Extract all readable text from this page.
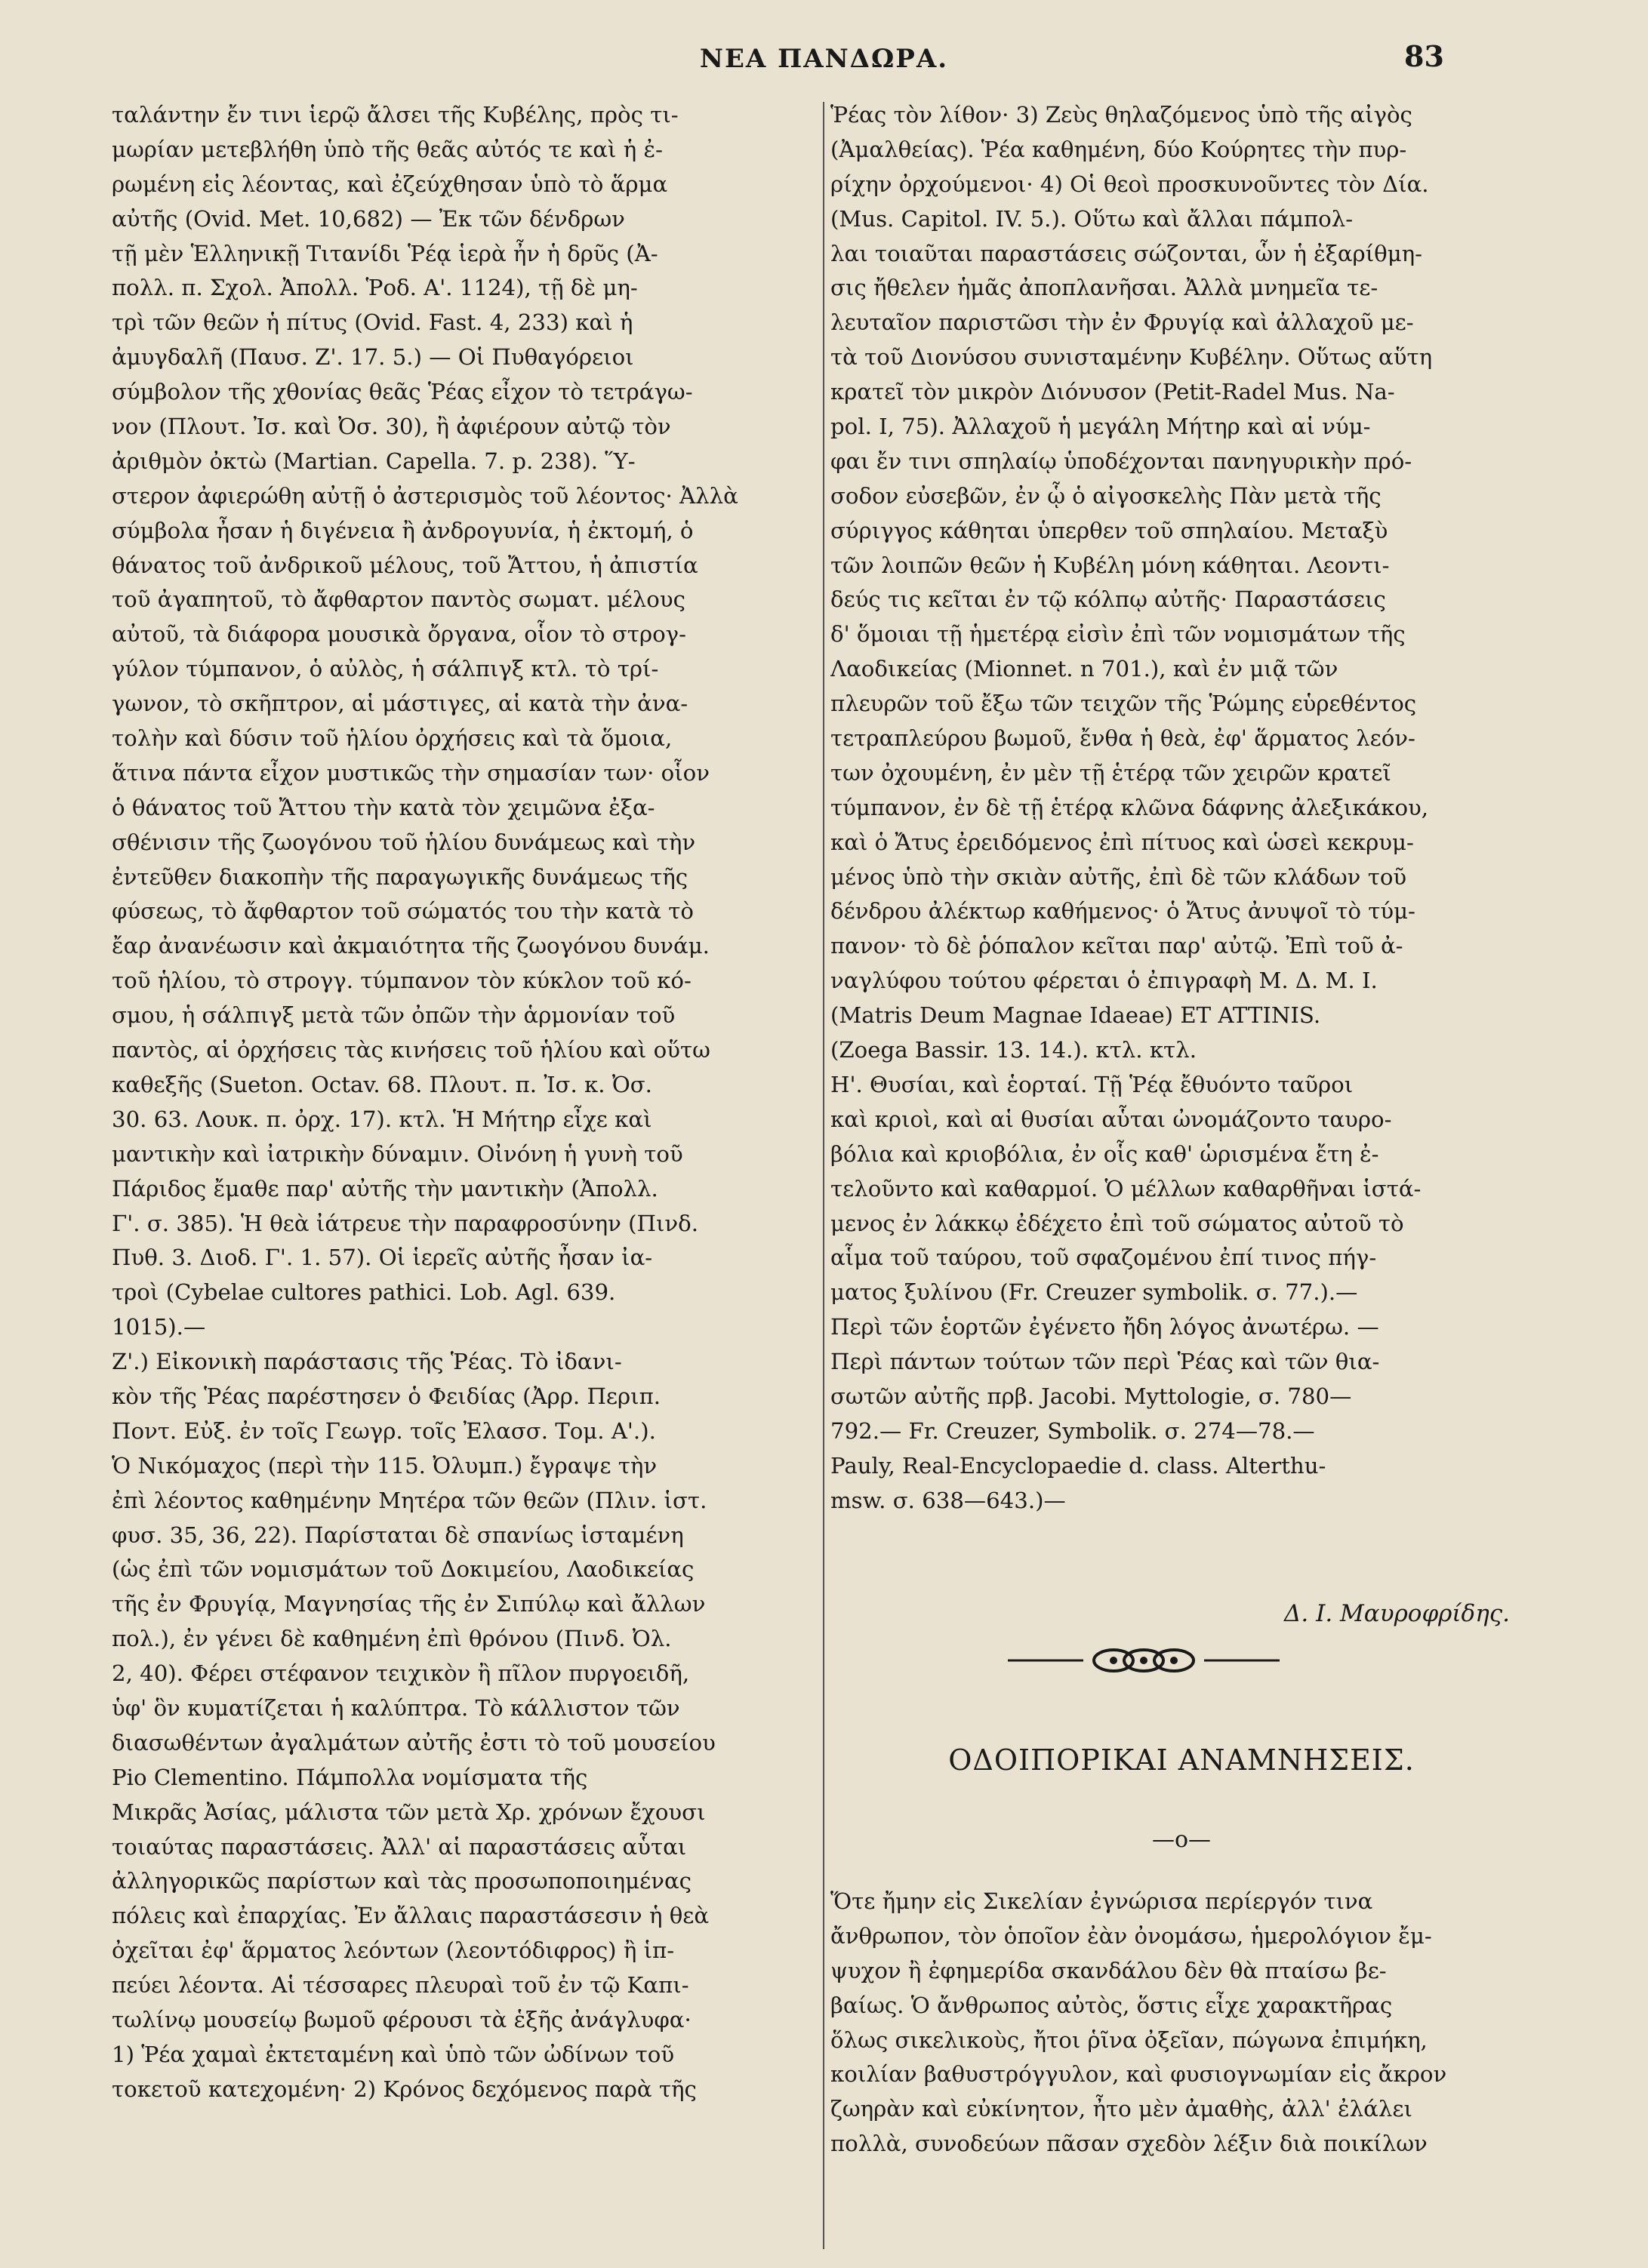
ΝΕΑ ΠΑΝΔΩΡΑ.	83
ταλάντην ἔν τινι ἱερῷ ἄλσει τῆς Κυβέλης, πρὸς τι-
μωρίαν μετεβλήθη ὑπὸ τῆς θεᾶς αὐτός τε καὶ ἡ ἐ-
ρωμένη εἰς λέοντας, καὶ ἐζεύχθησαν ὑπὸ τὸ ἅρμα
αὐτῆς (Ovid. Met. 10,682) — Ἐκ τῶν δένδρων
τῇ μὲν Ἑλληνικῇ Τιτανίδι Ῥέᾳ ἱερὰ ἦν ἡ δρῦς (Ἀ-
πολλ. π. Σχολ. Ἀπολλ. Ῥοδ. Α'. 1124), τῇ δὲ μη-
τρὶ τῶν θεῶν ἡ πίτυς (Ovid. Fast. 4, 233) καὶ ἡ
ἀμυγδαλῆ (Παυσ. Ζ'. 17. 5.) — Οἱ Πυθαγόρειοι
σύμβολον τῆς χθονίας θεᾶς Ῥέας εἶχον τὸ τετράγω-
νον (Πλουτ. Ἰσ. καὶ Ὀσ. 30), ἢ ἀφιέρουν αὐτῷ τὸν
ἀριθμὸν ὀκτὼ (Martian. Capella. 7. p. 238). Ὕ-
στερον ἀφιερώθη αὐτῇ ὁ ἀστερισμὸς τοῦ λέοντος· Ἀλλὰ
σύμβολα ἦσαν ἡ διγένεια ἢ ἀνδρογυνία, ἡ ἐκτομή, ὁ
θάνατος τοῦ ἀνδρικοῦ μέλους, τοῦ Ἄττου, ἡ ἀπιστία
τοῦ ἀγαπητοῦ, τὸ ἄφθαρτον παντὸς σωματ. μέλους
αὐτοῦ, τὰ διάφορα μουσικὰ ὄργανα, οἷον τὸ στρογ-
γύλον τύμπανον, ὁ αὐλὸς, ἡ σάλπιγξ κτλ. τὸ τρί-
γωνον, τὸ σκῆπτρον, αἱ μάστιγες, αἱ κατὰ τὴν ἀνα-
τολὴν καὶ δύσιν τοῦ ἡλίου ὀρχήσεις καὶ τὰ ὅμοια,
ἅτινα πάντα εἶχον μυστικῶς τὴν σημασίαν των· οἷον
ὁ θάνατος τοῦ Ἄττου τὴν κατὰ τὸν χειμῶνα ἐξα-
σθένισιν τῆς ζωογόνου τοῦ ἡλίου δυνάμεως καὶ τὴν
ἐντεῦθεν διακοπὴν τῆς παραγωγικῆς δυνάμεως τῆς
φύσεως, τὸ ἄφθαρτον τοῦ σώματός του τὴν κατὰ τὸ
ἔαρ ἀνανέωσιν καὶ ἀκμαιότητα τῆς ζωογόνου δυνάμ.
τοῦ ἡλίου, τὸ στρογγ. τύμπανον τὸν κύκλον τοῦ κό-
σμου, ἡ σάλπιγξ μετὰ τῶν ὀπῶν τὴν ἁρμονίαν τοῦ
παντὸς, αἱ ὀρχήσεις τὰς κινήσεις τοῦ ἡλίου καὶ οὕτω
καθεξῆς (Sueton. Octav. 68. Πλουτ. π. Ἰσ. κ. Ὀσ.
30. 63. Λουκ. π. ὀρχ. 17). κτλ. Ἡ Μήτηρ εἶχε καὶ
μαντικὴν καὶ ἰατρικὴν δύναμιν. Οἰνόνη ἡ γυνὴ τοῦ
Πάριδος ἔμαθε παρ' αὐτῆς τὴν μαντικὴν (Ἀπολλ.
Γ'. σ. 385). Ἡ θεὰ ἰάτρευε τὴν παραφροσύνην (Πινδ.
Πυθ. 3. Διοδ. Γ'. 1. 57). Οἱ ἱερεῖς αὐτῆς ἦσαν ἰα-
τροὶ (Cybelae cultores pathici. Lob. Agl. 639.
1015).—
Ζ'.) Εἰκονικὴ παράστασις τῆς Ῥέας. Τὸ ἰδανι-
κὸν τῆς Ῥέας παρέστησεν ὁ Φειδίας (Ἀρρ. Περιπ.
Ποντ. Εὐξ. ἐν τοῖς Γεωγρ. τοῖς Ἐλασσ. Τομ. Α'.).
Ὁ Νικόμαχος (περὶ τὴν 115. Ὀλυμπ.) ἔγραψε τὴν
ἐπὶ λέοντος καθημένην Μητέρα τῶν θεῶν (Πλιν. ἱστ.
φυσ. 35, 36, 22). Παρίσταται δὲ σπανίως ἱσταμένη
(ὡς ἐπὶ τῶν νομισμάτων τοῦ Δοκιμείου, Λαοδικείας
τῆς ἐν Φρυγίᾳ, Μαγνησίας τῆς ἐν Σιπύλῳ καὶ ἄλλων
πολ.), ἐν γένει δὲ καθημένη ἐπὶ θρόνου (Πινδ. Ὀλ.
2, 40). Φέρει στέφανον τειχικὸν ἢ πῖλον πυργοειδῆ,
ὑφ' ὃν κυματίζεται ἡ καλύπτρα. Τὸ κάλλιστον τῶν
διασωθέντων ἀγαλμάτων αὐτῆς ἐστι τὸ τοῦ μουσείου
Pio Clementino. Πάμπολλα νομίσματα τῆς
Μικρᾶς Ἀσίας, μάλιστα τῶν μετὰ Χρ. χρόνων ἔχουσι
τοιαύτας παραστάσεις. Ἀλλ' αἱ παραστάσεις αὗται
ἀλληγορικῶς παρίστων καὶ τὰς προσωποποιημένας
πόλεις καὶ ἐπαρχίας. Ἐν ἄλλαις παραστάσεσιν ἡ θεὰ
ὀχεῖται ἐφ' ἅρματος λεόντων (λεοντόδιφρος) ἢ ἱπ-
πεύει λέοντα. Αἱ τέσσαρες πλευραὶ τοῦ ἐν τῷ Καπι-
τωλίνῳ μουσείῳ βωμοῦ φέρουσι τὰ ἑξῆς ἀνάγλυφα·
1) Ῥέα χαμαὶ ἐκτεταμένη καὶ ὑπὸ τῶν ὠδίνων τοῦ
τοκετοῦ κατεχομένη· 2) Κρόνος δεχόμενος παρὰ τῆς
Ῥέας τὸν λίθον· 3) Ζεὺς θηλαζόμενος ὑπὸ τῆς αἰγὸς
(Ἀμαλθείας). Ῥέα καθημένη, δύο Κούρητες τὴν πυρ-
ρίχην ὀρχούμενοι· 4) Οἱ θεοὶ προσκυνοῦντες τὸν Δία.
(Mus. Capitol. IV. 5.). Οὕτω καὶ ἄλλαι πάμπολ-
λαι τοιαῦται παραστάσεις σώζονται, ὧν ἡ ἐξαρίθμη-
σις ἤθελεν ἡμᾶς ἀποπλανῆσαι. Ἀλλὰ μνημεῖα τε-
λευταῖον παριστῶσι τὴν ἐν Φρυγίᾳ καὶ ἀλλαχοῦ με-
τὰ τοῦ Διονύσου συνισταμένην Κυβέλην. Οὕτως αὕτη
κρατεῖ τὸν μικρὸν Διόνυσον (Petit-Radel Mus. Na-
pol. I, 75). Ἀλλαχοῦ ἡ μεγάλη Μήτηρ καὶ αἱ νύμ-
φαι ἔν τινι σπηλαίῳ ὑποδέχονται πανηγυρικὴν πρό-
σοδον εὐσεβῶν, ἐν ᾧ ὁ αἰγοσκελὴς Πὰν μετὰ τῆς
σύριγγος κάθηται ὑπερθεν τοῦ σπηλαίου. Μεταξὺ
τῶν λοιπῶν θεῶν ἡ Κυβέλη μόνη κάθηται. Λεοντι-
δεύς τις κεῖται ἐν τῷ κόλπῳ αὐτῆς· Παραστάσεις
δ' ὅμοιαι τῇ ἡμετέρᾳ εἰσὶν ἐπὶ τῶν νομισμάτων τῆς
Λαοδικείας (Mionnet. n 701.), καὶ ἐν μιᾷ τῶν
πλευρῶν τοῦ ἔξω τῶν τειχῶν τῆς Ῥώμης εὑρεθέντος
τετραπλεύρου βωμοῦ, ἔνθα ἡ θεὰ, ἐφ' ἅρματος λεόν-
των ὀχουμένη, ἐν μὲν τῇ ἑτέρᾳ τῶν χειρῶν κρατεῖ
τύμπανον, ἐν δὲ τῇ ἑτέρᾳ κλῶνα δάφνης ἀλεξικάκου,
καὶ ὁ Ἄτυς ἐρειδόμενος ἐπὶ πίτυος καὶ ὡσεὶ κεκρυμ-
μένος ὑπὸ τὴν σκιὰν αὐτῆς, ἐπὶ δὲ τῶν κλάδων τοῦ
δένδρου ἀλέκτωρ καθήμενος· ὁ Ἄτυς ἀνυψοῖ τὸ τύμ-
πανον· τὸ δὲ ῥόπαλον κεῖται παρ' αὐτῷ. Ἐπὶ τοῦ ἀ-
ναγλύφου τούτου φέρεται ὁ ἐπιγραφὴ Μ. Δ. Μ. Ι.
(Matris Deum Magnae Idaeae) ET ATTINIS.
(Zoega Bassir. 13. 14.). κτλ. κτλ.
Η'. Θυσίαι, καὶ ἑορταί. Τῇ Ῥέᾳ ἔθυόντο ταῦροι
καὶ κριοὶ, καὶ αἱ θυσίαι αὗται ὠνομάζοντο ταυρο-
βόλια καὶ κριοβόλια, ἐν οἷς καθ' ὡρισμένα ἔτη ἐ-
τελοῦντο καὶ καθαρμοί. Ὁ μέλλων καθαρθῆναι ἱστά-
μενος ἐν λάκκῳ ἐδέχετο ἐπὶ τοῦ σώματος αὐτοῦ τὸ
αἷμα τοῦ ταύρου, τοῦ σφαζομένου ἐπί τινος πήγ-
ματος ξυλίνου (Fr. Creuzer symbolik. σ. 77.).—
Περὶ τῶν ἑορτῶν ἐγένετο ἤδη λόγος ἀνωτέρω. —
Περὶ πάντων τούτων τῶν περὶ Ῥέας καὶ τῶν θια-
σωτῶν αὐτῆς πρβ. Jacobi. Myttologie, σ. 780—
792.— Fr. Creuzer, Symbolik. σ. 274—78.—
Pauly, Real-Encyclopaedie d. class. Alterthu-
msw. σ. 638—643.)—
Δ. Ι. Μαυροφρίδης.
ΟΔΟΙΠΟΡΙΚΑΙ ΑΝΑΜΝΗΣΕΙΣ.
—ο—
Ὅτε ἤμην εἰς Σικελίαν ἐγνώρισα περίεργόν τινα
ἄνθρωπον, τὸν ὁποῖον ἐὰν ὀνομάσω, ἡμερολόγιον ἔμ-
ψυχον ἢ ἐφημερίδα σκανδάλου δὲν θὰ πταίσω βε-
βαίως. Ὁ ἄνθρωπος αὐτὸς, ὅστις εἶχε χαρακτῆρας
ὅλως σικελικοὺς, ἤτοι ῥῖνα ὀξεῖαν, πώγωνα ἐπιμήκη,
κοιλίαν βαθυστρόγγυλον, καὶ φυσιογνωμίαν εἰς ἄκρον
ζωηρὰν καὶ εὐκίνητον, ἦτο μὲν ἀμαθὴς, ἀλλ' ἐλάλει
πολλὰ, συνοδεύων πᾶσαν σχεδὸν λέξιν διὰ ποικίλων
